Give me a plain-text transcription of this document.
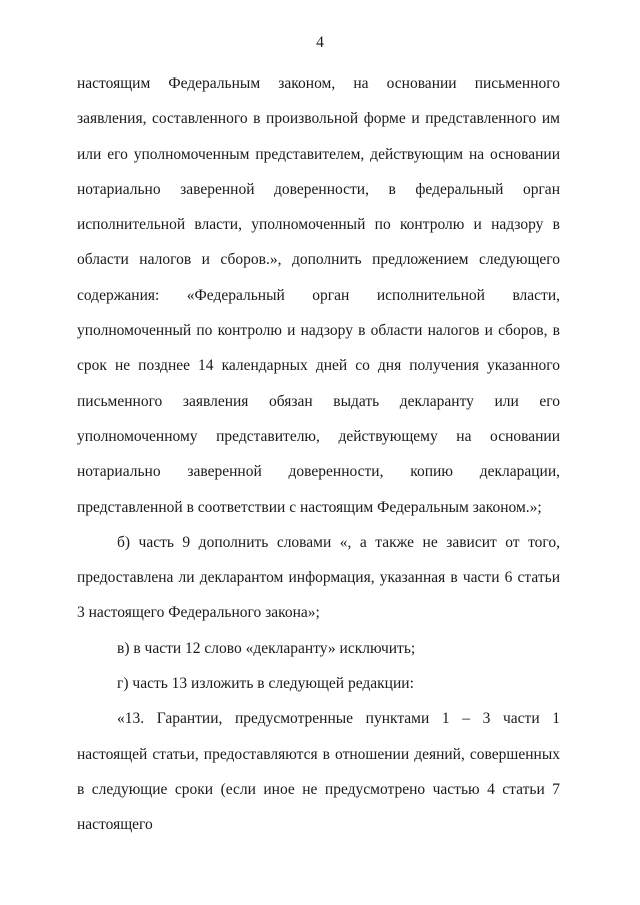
4

настоящим Федеральным законом, на основании письменного заявления, составленного в произвольной форме и представленного им или его уполномоченным представителем, действующим на основании нотариально заверенной доверенности, в федеральный орган исполнительной власти, уполномоченный по контролю и надзору в области налогов и сборов.», дополнить предложением следующего содержания: «Федеральный орган исполнительной власти, уполномоченный по контролю и надзору в области налогов и сборов, в срок не позднее 14 календарных дней со дня получения указанного письменного заявления обязан выдать декларанту или его уполномоченному представителю, действующему на основании нотариально заверенной доверенности, копию декларации, представленной в соответствии с настоящим Федеральным законом.»;

б) часть 9 дополнить словами «, а также не зависит от того, предоставлена ли декларантом информация, указанная в части 6 статьи 3 настоящего Федерального закона»;

в) в части 12 слово «декларанту» исключить;

г) часть 13 изложить в следующей редакции:

«13. Гарантии, предусмотренные пунктами 1 – 3 части 1 настоящей статьи, предоставляются в отношении деяний, совершенных в следующие сроки (если иное не предусмотрено частью 4 статьи 7 настоящего
